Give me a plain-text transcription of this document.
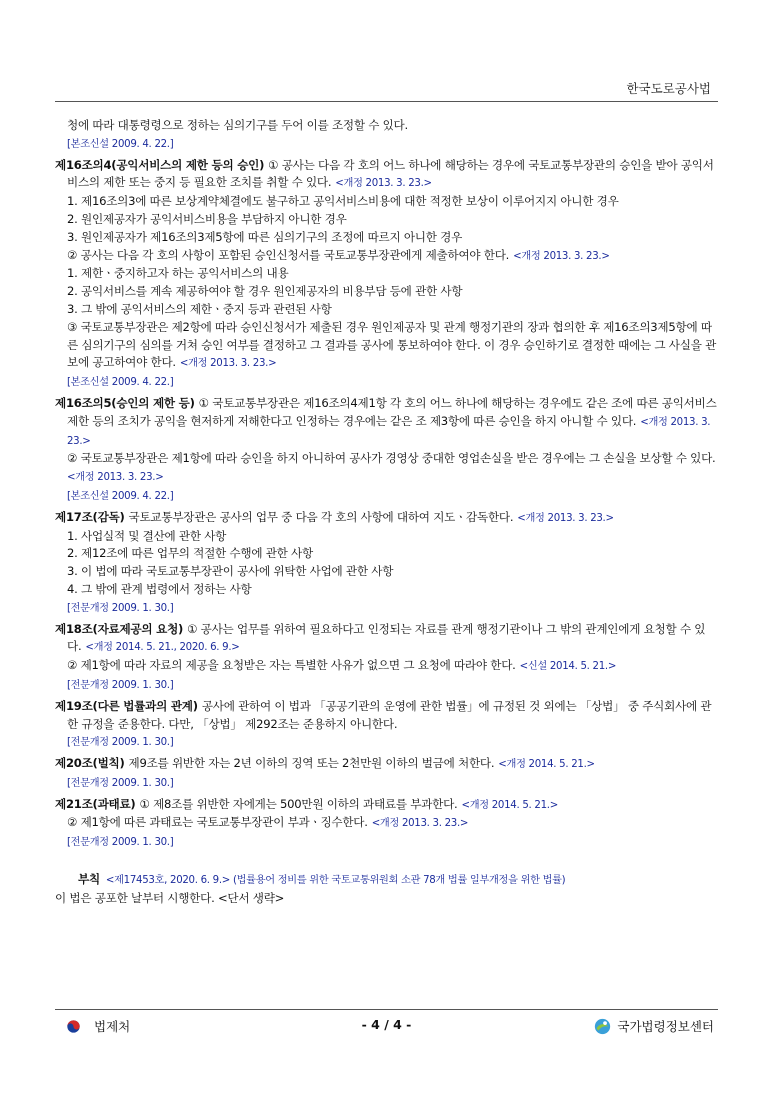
한국도로공사법
청에 따라 대통령령으로 정하는 심의기구를 두어 이를 조정할 수 있다.
[본조신설 2009. 4. 22.]
제16조의4(공익서비스의 제한 등의 승인) ① 공사는 다음 각 호의 어느 하나에 해당하는 경우에 국토교통부장관의 승인을 받아 공익서비스의 제한 또는 중지 등 필요한 조치를 취할 수 있다. <개정 2013. 3. 23.>
1. 제16조의3에 따른 보상계약체결에도 불구하고 공익서비스비용에 대한 적정한 보상이 이루어지지 아니한 경우
2. 원인제공자가 공익서비스비용을 부담하지 아니한 경우
3. 원인제공자가 제16조의3제5항에 따른 심의기구의 조정에 따르지 아니한 경우
② 공사는 다음 각 호의 사항이 포함된 승인신청서를 국토교통부장관에게 제출하여야 한다. <개정 2013. 3. 23.>
1. 제한ㆍ중지하고자 하는 공익서비스의 내용
2. 공익서비스를 계속 제공하여야 할 경우 원인제공자의 비용부담 등에 관한 사항
3. 그 밖에 공익서비스의 제한ㆍ중지 등과 관련된 사항
③ 국토교통부장관은 제2항에 따라 승인신청서가 제출된 경우 원인제공자 및 관계 행정기관의 장과 협의한 후 제16조의3제5항에 따른 심의기구의 심의를 거쳐 승인 여부를 결정하고 그 결과를 공사에 통보하여야 한다. 이 경우 승인하기로 결정한 때에는 그 사실을 관보에 공고하여야 한다. <개정 2013. 3. 23.>
[본조신설 2009. 4. 22.]
제16조의5(승인의 제한 등) ① 국토교통부장관은 제16조의4제1항 각 호의 어느 하나에 해당하는 경우에도 같은 조에 따른 공익서비스 제한 등의 조치가 공익을 현저하게 저해한다고 인정하는 경우에는 같은 조 제3항에 따른 승인을 하지 아니할 수 있다. <개정 2013. 3. 23.>
② 국토교통부장관은 제1항에 따라 승인을 하지 아니하여 공사가 경영상 중대한 영업손실을 받은 경우에는 그 손실을 보상할 수 있다.<개정 2013. 3. 23.>
[본조신설 2009. 4. 22.]
제17조(감독) 국토교통부장관은 공사의 업무 중 다음 각 호의 사항에 대하여 지도ㆍ감독한다. <개정 2013. 3. 23.>
1. 사업실적 및 결산에 관한 사항
2. 제12조에 따른 업무의 적절한 수행에 관한 사항
3. 이 법에 따라 국토교통부장관이 공사에 위탁한 사업에 관한 사항
4. 그 밖에 관계 법령에서 정하는 사항
[전문개정 2009. 1. 30.]
제18조(자료제공의 요청) ① 공사는 업무를 위하여 필요하다고 인정되는 자료를 관계 행정기관이나 그 밖의 관계인에게 요청할 수 있다. <개정 2014. 5. 21., 2020. 6. 9.>
② 제1항에 따라 자료의 제공을 요청받은 자는 특별한 사유가 없으면 그 요청에 따라야 한다. <신설 2014. 5. 21.>
[전문개정 2009. 1. 30.]
제19조(다른 법률과의 관계) 공사에 관하여 이 법과 「공공기관의 운영에 관한 법률」에 규정된 것 외에는 「상법」 중 주식회사에 관한 규정을 준용한다. 다만, 「상법」 제292조는 준용하지 아니한다.
[전문개정 2009. 1. 30.]
제20조(벌칙) 제9조를 위반한 자는 2년 이하의 징역 또는 2천만원 이하의 벌금에 처한다. <개정 2014. 5. 21.>
[전문개정 2009. 1. 30.]
제21조(과태료) ① 제8조를 위반한 자에게는 500만원 이하의 과태료를 부과한다. <개정 2014. 5. 21.>
② 제1항에 따른 과태료는 국토교통부장관이 부과ㆍ징수한다. <개정 2013. 3. 23.>
[전문개정 2009. 1. 30.]
부칙 <제17453호, 2020. 6. 9.> (법률용어 정비를 위한 국토교통위원회 소관 78개 법률 일부개정을 위한 법률)
이 법은 공포한 날부터 시행한다. <단서 생략>
법제처	- 4 / 4 -	국가법령정보센터
